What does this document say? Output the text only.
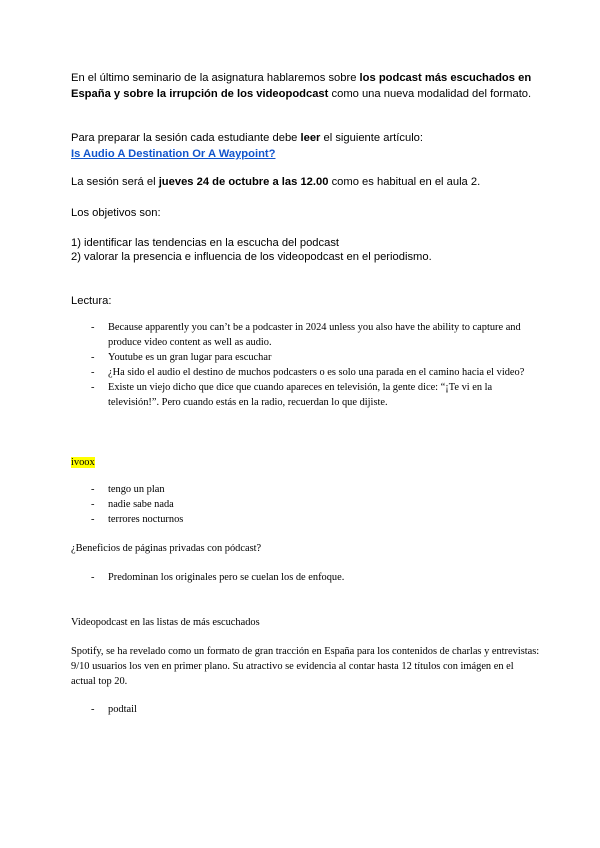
En el último seminario de la asignatura hablaremos sobre los podcast más escuchados en España y sobre la irrupción de los videopodcast como una nueva modalidad del formato.

Para preparar la sesión cada estudiante debe leer el siguiente artículo:

Is Audio A Destination Or A Waypoint?

La sesión será el jueves 24 de octubre a las 12.00 como es habitual en el aula 2.

Los objetivos son:

1) identificar las tendencias en la escucha del podcast

2) valorar la presencia e influencia de los videopodcast en el periodismo.

Lectura:

- Because apparently you can’t be a podcaster in 2024 unless you also have the ability to capture and produce video content as well as audio.
- Youtube es un gran lugar para escuchar
- ¿Ha sido el audio el destino de muchos podcasters o es solo una parada en el camino hacia el video?
- Existe un viejo dicho que dice que cuando apareces en televisión, la gente dice: “¡Te vi en la televisión!”. Pero cuando estás en la radio, recuerdan lo que dijiste.

ivoox

- tengo un plan
- nadie sabe nada
- terrores nocturnos

¿Beneficios de páginas privadas con pódcast?

- Predominan los originales pero se cuelan los de enfoque.

Videopodcast en las listas de más escuchados

Spotify, se ha revelado como un formato de gran tracción en España para los contenidos de charlas y entrevistas: 9/10 usuarios los ven en primer plano. Su atractivo se evidencia al contar hasta 12 títulos con imágen en el actual top 20.

- podtail
